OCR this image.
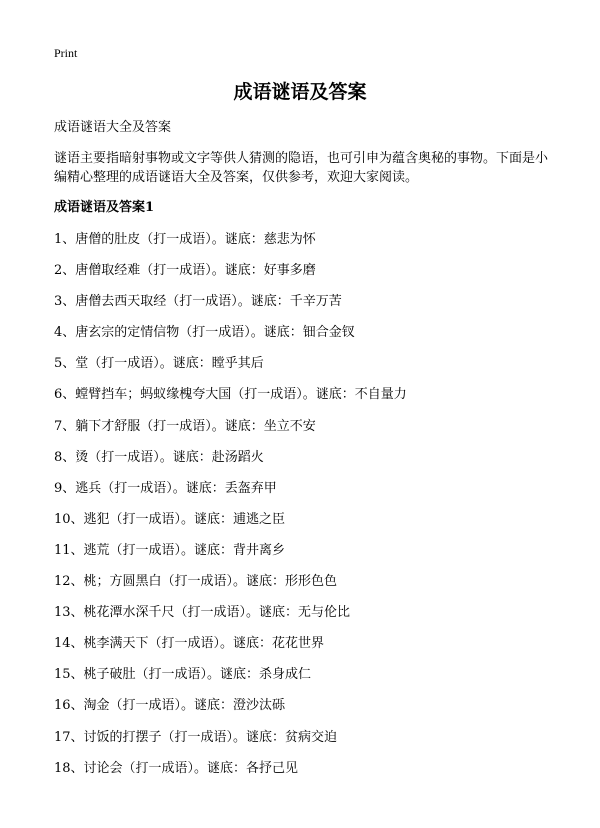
Print
成语谜语及答案

成语谜语大全及答案

谜语主要指暗射事物或文字等供人猜测的隐语，也可引申为蕴含奥秘的事物。下面是小编精心整理的成语谜语大全及答案，仅供参考，欢迎大家阅读。

成语谜语及答案1
1、唐僧的肚皮（打一成语）。谜底：慈悲为怀
2、唐僧取经难（打一成语）。谜底：好事多磨
3、唐僧去西天取经（打一成语）。谜底：千辛万苦
4、唐玄宗的定情信物（打一成语）。谜底：钿合金钗
5、堂（打一成语）。谜底：瞠乎其后
6、螳臂挡车；蚂蚁缘槐夸大国（打一成语）。谜底：不自量力
7、躺下才舒服（打一成语）。谜底：坐立不安
8、烫（打一成语）。谜底：赴汤蹈火
9、逃兵（打一成语）。谜底：丢盔弃甲
10、逃犯（打一成语）。谜底：逋逃之臣
11、逃荒（打一成语）。谜底：背井离乡
12、桃；方圆黑白（打一成语）。谜底：形形色色
13、桃花潭水深千尺（打一成语）。谜底：无与伦比
14、桃李满天下（打一成语）。谜底：花花世界
15、桃子破肚（打一成语）。谜底：杀身成仁
16、淘金（打一成语）。谜底：澄沙汰砾
17、讨饭的打摆子（打一成语）。谜底：贫病交迫
18、讨论会（打一成语）。谜底：各抒己见
